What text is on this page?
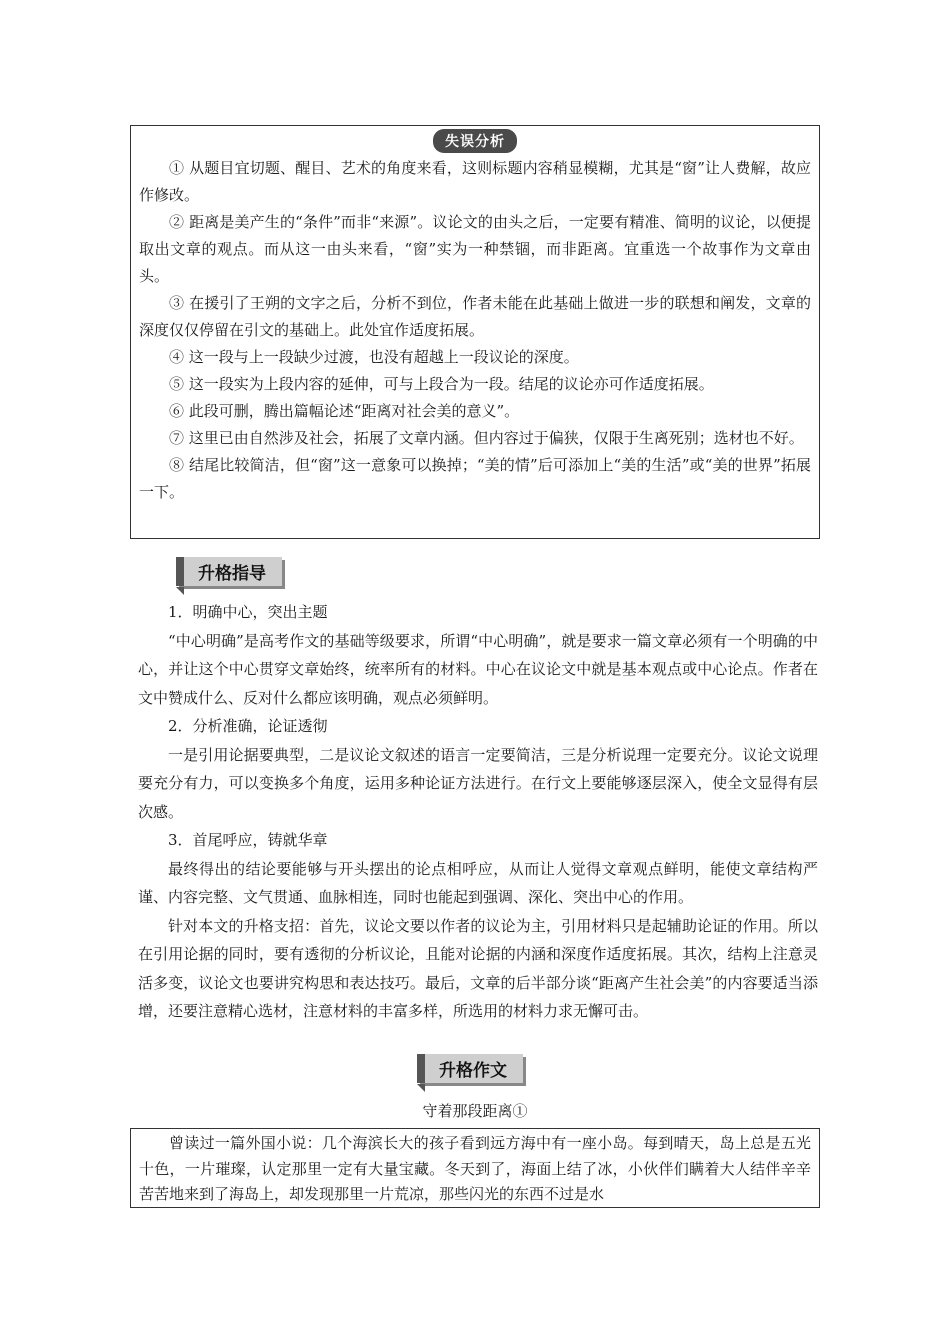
失误分析

① 从题目宜切题、醒目、艺术的角度来看，这则标题内容稍显模糊，尤其是“窗”让人费解，故应作修改。

② 距离是美产生的“条件”而非“来源”。议论文的由头之后，一定要有精准、简明的议论，以便提取出文章的观点。而从这一由头来看，“窗”实为一种禁锢，而非距离。宜重选一个故事作为文章由头。

③ 在援引了王朔的文字之后，分析不到位，作者未能在此基础上做进一步的联想和阐发，文章的深度仅仅停留在引文的基础上。此处宜作适度拓展。

④ 这一段与上一段缺少过渡，也没有超越上一段议论的深度。

⑤ 这一段实为上段内容的延伸，可与上段合为一段。结尾的议论亦可作适度拓展。

⑥ 此段可删，腾出篇幅论述“距离对社会美的意义”。

⑦ 这里已由自然涉及社会，拓展了文章内涵。但内容过于偏狭，仅限于生离死别；选材也不好。

⑧ 结尾比较简洁，但“窗”这一意象可以换掉；“美的情”后可添加上“美的生活”或“美的世界”拓展一下。

升格指导

1．明确中心，突出主题

“中心明确”是高考作文的基础等级要求，所谓“中心明确”，就是要求一篇文章必须有一个明确的中心，并让这个中心贯穿文章始终，统率所有的材料。中心在议论文中就是基本观点或中心论点。作者在文中赞成什么、反对什么都应该明确，观点必须鲜明。

2．分析准确，论证透彻

一是引用论据要典型，二是议论文叙述的语言一定要简洁，三是分析说理一定要充分。议论文说理要充分有力，可以变换多个角度，运用多种论证方法进行。在行文上要能够逐层深入，使全文显得有层次感。

3．首尾呼应，铸就华章

最终得出的结论要能够与开头摆出的论点相呼应，从而让人觉得文章观点鲜明，能使文章结构严谨、内容完整、文气贯通、血脉相连，同时也能起到强调、深化、突出中心的作用。

针对本文的升格支招：首先，议论文要以作者的议论为主，引用材料只是起辅助论证的作用。所以在引用论据的同时，要有透彻的分析议论，且能对论据的内涵和深度作适度拓展。其次，结构上注意灵活多变，议论文也要讲究构思和表达技巧。最后，文章的后半部分谈“距离产生社会美”的内容要适当添增，还要注意精心选材，注意材料的丰富多样，所选用的材料力求无懈可击。

升格作文
守着那段距离①

曾读过一篇外国小说：几个海滨长大的孩子看到远方海中有一座小岛。每到晴天，岛上总是五光十色，一片璀璨，认定那里一定有大量宝藏。冬天到了，海面上结了冰，小伙伴们瞒着大人结伴辛辛苦苦地来到了海岛上，却发现那里一片荒凉，那些闪光的东西不过是水
